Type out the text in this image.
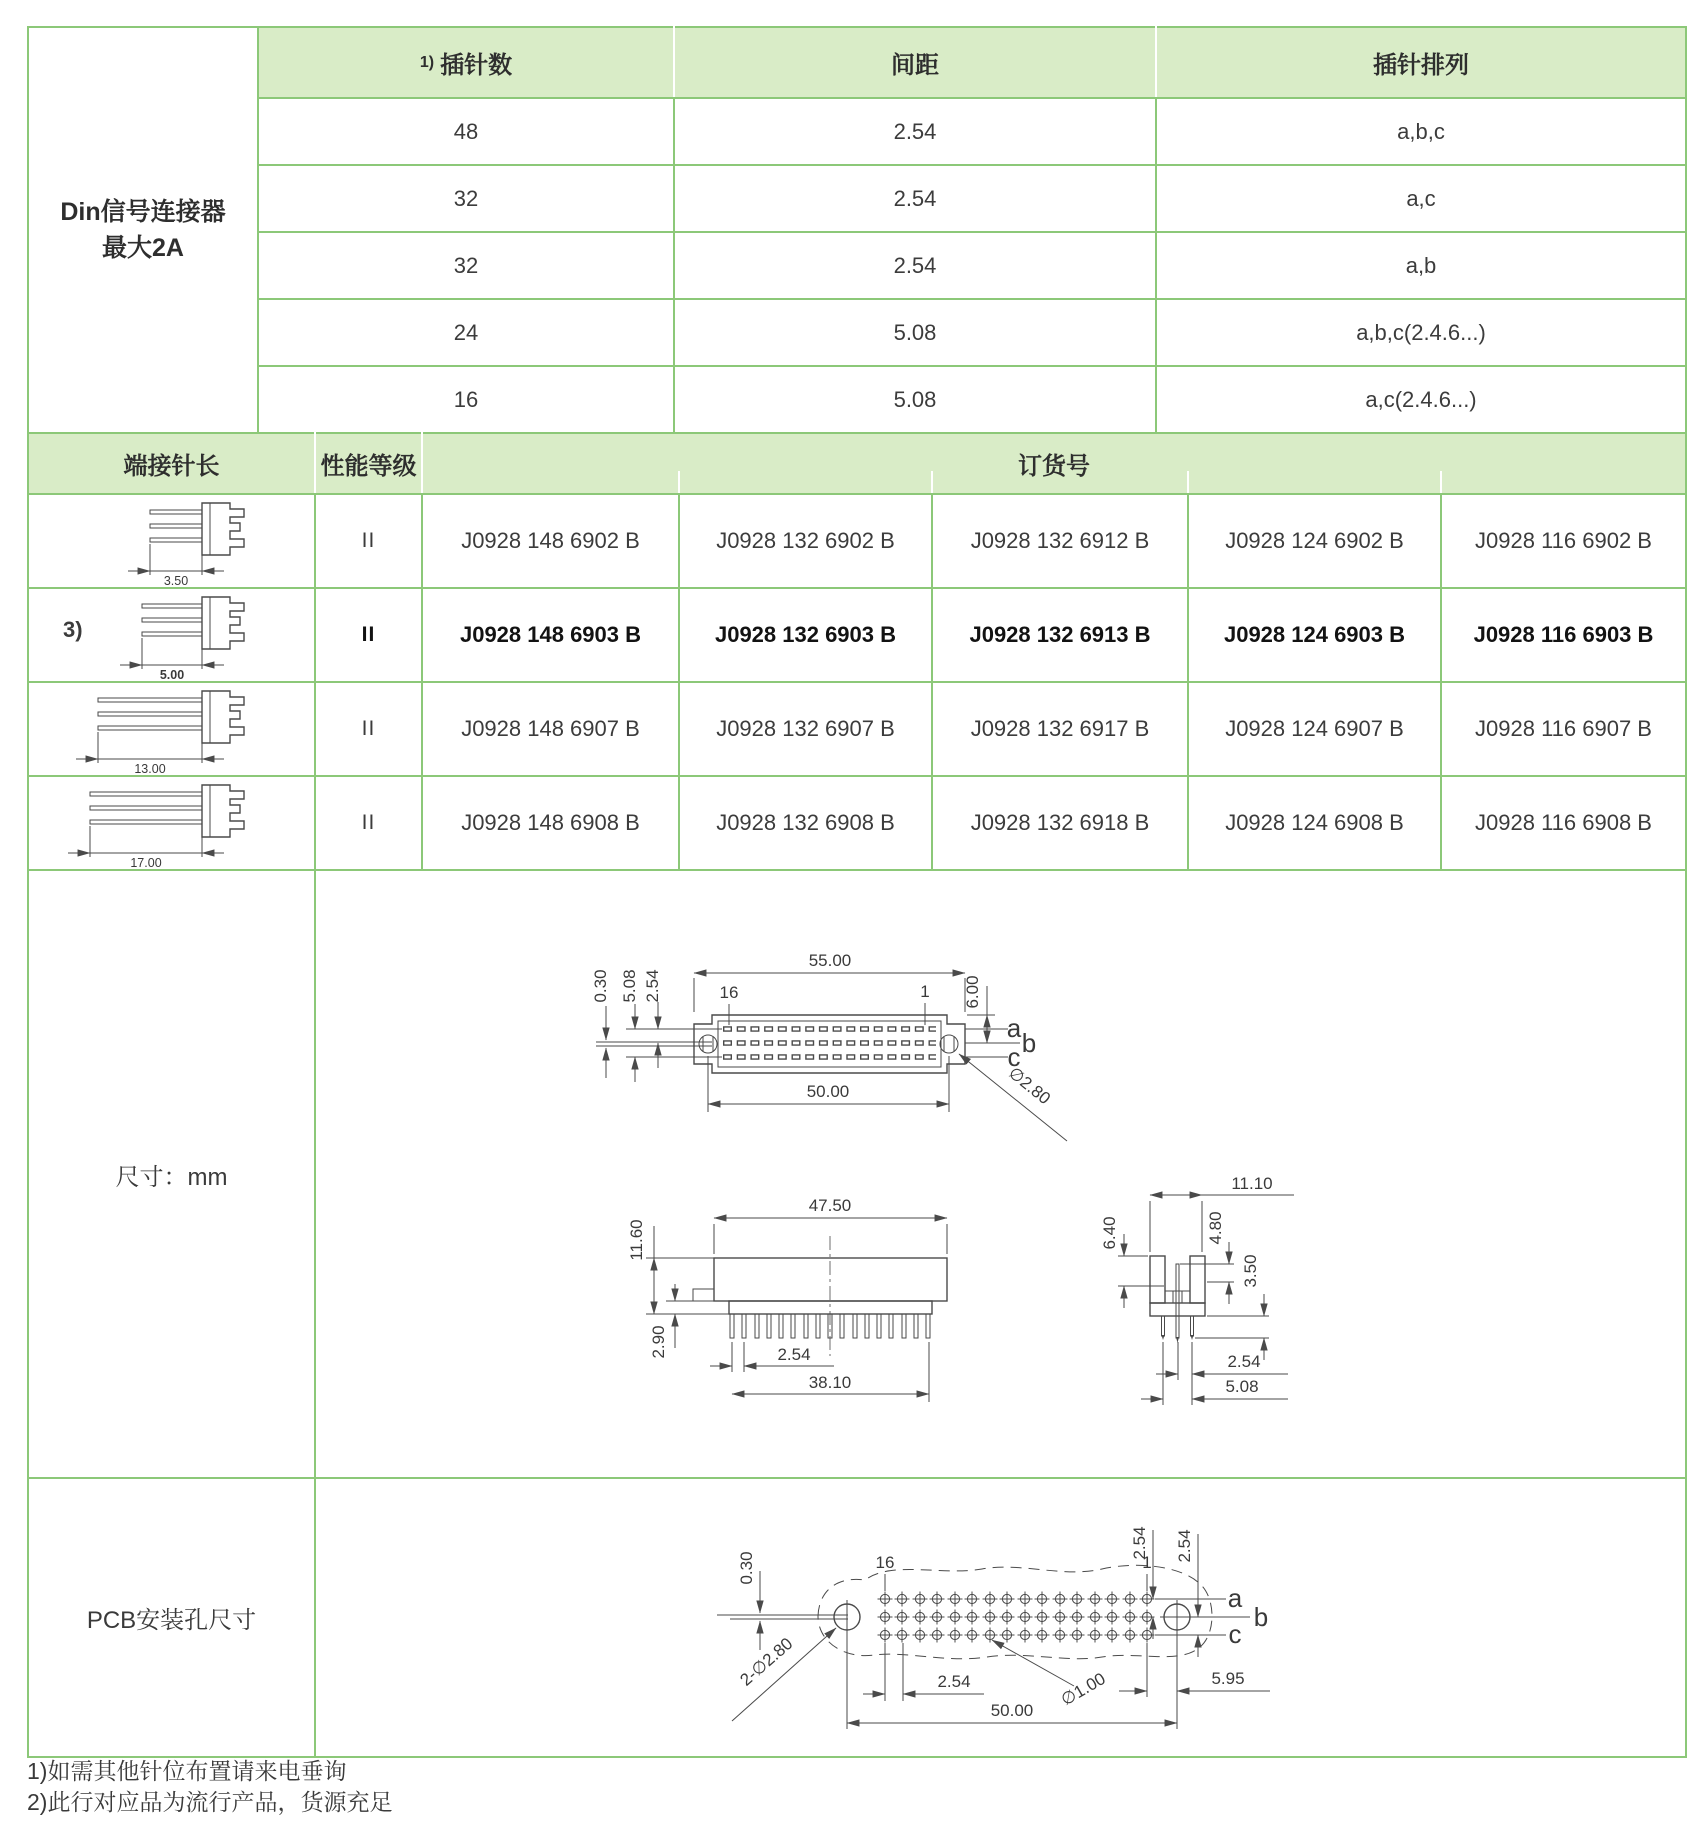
Din信号连接器
最大2A	$^{1)}$ 插针数	间距	插针排列
	48	2.54	a,b,c
	32	2.54	a,c
	32	2.54	a,b
	24	5.08	a,b,c(2.4.6...)
	16	5.08	a,c(2.4.6...)
端接针长	性能等级	订货号				

3.50	II	J0928 148 6902 B	J0928 132 6902 B	J0928 132 6912 B	J0928 124 6902 B	J0928 116 6902 B

3)
5.00	II	J0928 148 6903 B	J0928 132 6903 B	J0928 132 6913 B	J0928 124 6903 B	J0928 116 6903 B

13.00	II	J0928 148 6907 B	J0928 132 6907 B	J0928 132 6917 B	J0928 124 6907 B	J0928 116 6907 B

17.00	II	J0928 148 6908 B	J0928 132 6908 B	J0928 132 6918 B	J0928 124 6908 B	J0928 116 6908 B
尺寸：mm	
55.00
16	1 6.00
0.30 5.08 2.54
a b
c
∅2.80
50.00
47.50
11.60
2.90	2.54
38.10
11.10
6.40	4.80
3.50
2.54
5.08

PCB安装孔尺寸	
0.30	16	1
2-∅2.80	2.54
50.00
∅1.00
2.54 2.54
a
b
c
5.95
1)如需其他针位布置请来电垂询
2)此行对应品为流行产品，货源充足
